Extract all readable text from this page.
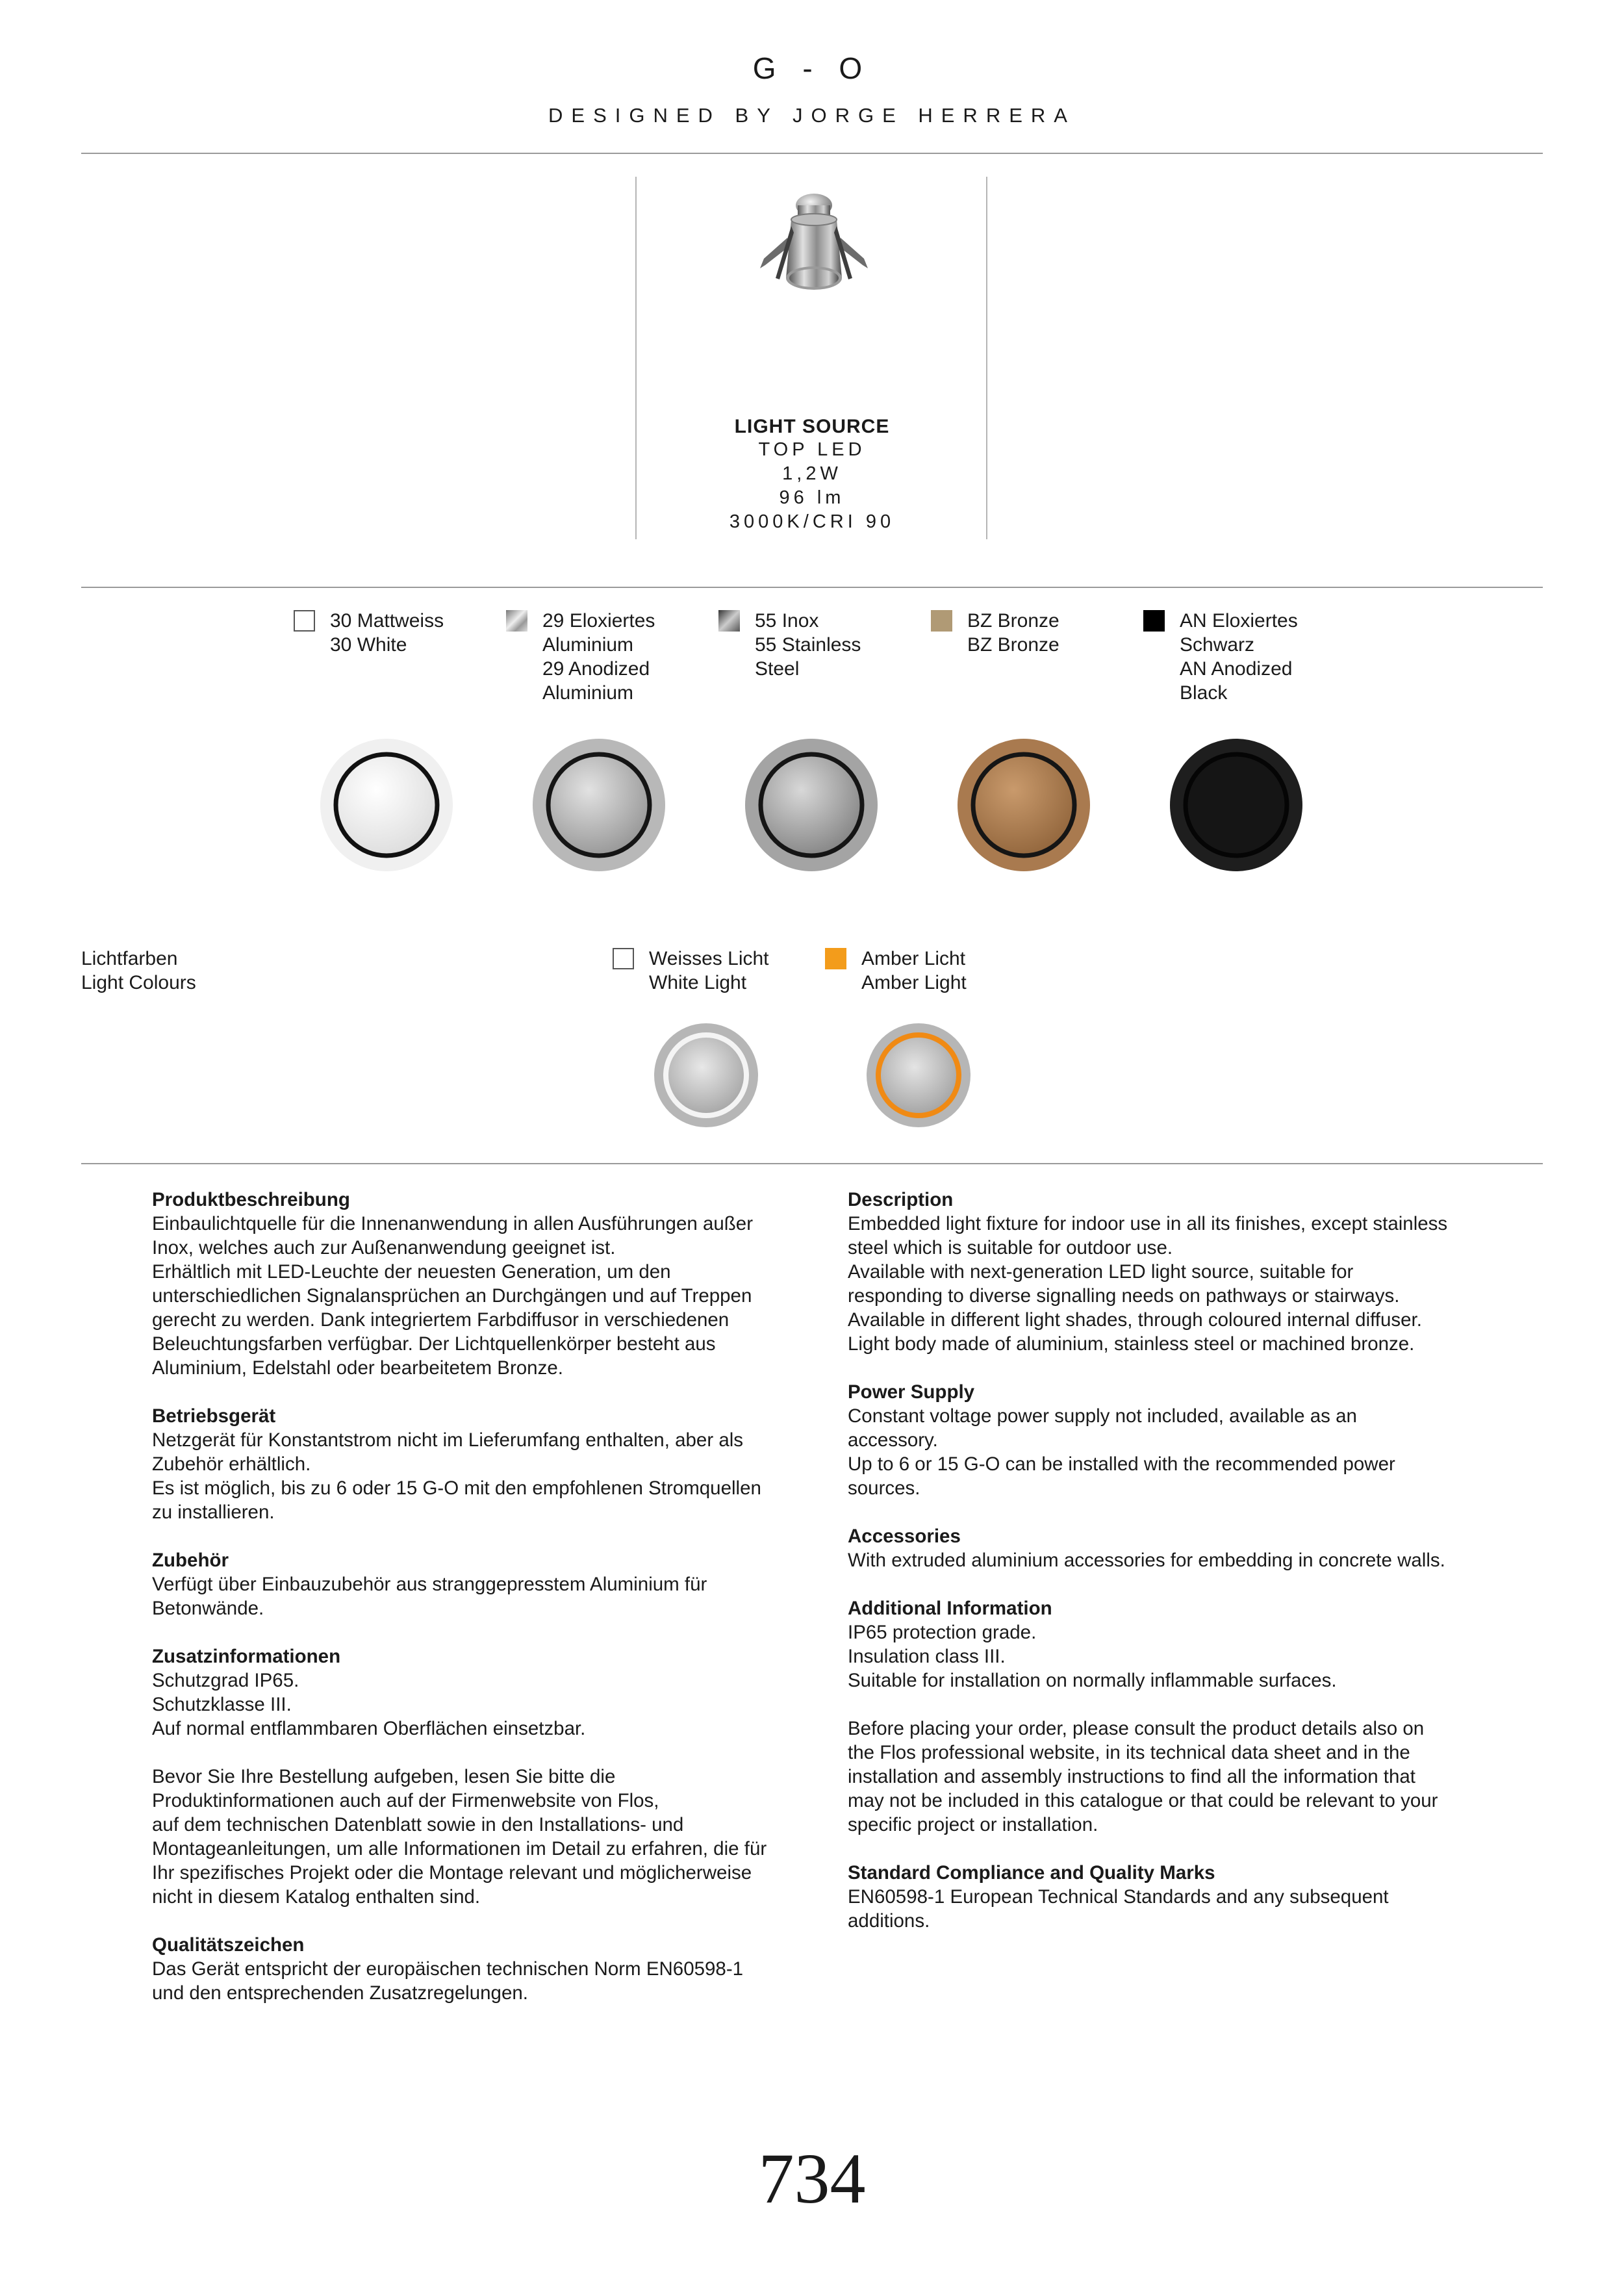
G - O
DESIGNED BY JORGE HERRERA
LIGHT SOURCE
TOP LED
1,2W
96 lm
3000K/CRI 90
30 Mattweiss
30 White
29 Eloxiertes
Aluminium
29 Anodized
Aluminium
55 Inox
55 Stainless
Steel
BZ Bronze
BZ Bronze
AN Eloxiertes
Schwarz
AN Anodized
Black
Lichtfarben
Light Colours
Weisses Licht
White Light
Amber Licht
Amber Light
Produktbeschreibung
Einbaulichtquelle für die Innenanwendung in allen Ausführungen außer
Inox, welches auch zur Außenanwendung geeignet ist.
Erhältlich mit LED-Leuchte der neuesten Generation, um den
unterschiedlichen Signalansprüchen an Durchgängen und auf Treppen
gerecht zu werden. Dank integriertem Farbdiffusor in verschiedenen
Beleuchtungsfarben verfügbar. Der Lichtquellenkörper besteht aus
Aluminium, Edelstahl oder bearbeitetem Bronze.
Betriebsgerät
Netzgerät für Konstantstrom nicht im Lieferumfang enthalten, aber als
Zubehör erhältlich.
Es ist möglich, bis zu 6 oder 15 G-O mit den empfohlenen Stromquellen
zu installieren.
Zubehör
Verfügt über Einbauzubehör aus stranggepresstem Aluminium für
Betonwände.
Zusatzinformationen
Schutzgrad IP65.
Schutzklasse III.
Auf normal entflammbaren Oberflächen einsetzbar.
Bevor Sie Ihre Bestellung aufgeben, lesen Sie bitte die
Produktinformationen auch auf der Firmenwebsite von Flos,
auf dem technischen Datenblatt sowie in den Installations- und
Montageanleitungen, um alle Informationen im Detail zu erfahren, die für
Ihr spezifisches Projekt oder die Montage relevant und möglicherweise
nicht in diesem Katalog enthalten sind.
Qualitätszeichen
Das Gerät entspricht der europäischen technischen Norm EN60598-1
und den entsprechenden Zusatzregelungen.
Description
Embedded light fixture for indoor use in all its finishes, except stainless
steel which is suitable for outdoor use.
Available with next-generation LED light source, suitable for
responding to diverse signalling needs on pathways or stairways.
Available in different light shades, through coloured internal diffuser.
Light body made of aluminium, stainless steel or machined bronze.
Power Supply
Constant voltage power supply not included, available as an
accessory.
Up to 6 or 15 G-O can be installed with the recommended power
sources.
Accessories
With extruded aluminium accessories for embedding in concrete walls.
Additional Information
IP65 protection grade.
Insulation class III.
Suitable for installation on normally inflammable surfaces.
Before placing your order, please consult the product details also on
the Flos professional website, in its technical data sheet and in the
installation and assembly instructions to find all the information that
may not be included in this catalogue or that could be relevant to your
specific project or installation.
Standard Compliance and Quality Marks
EN60598-1 European Technical Standards and any subsequent
additions.
734
